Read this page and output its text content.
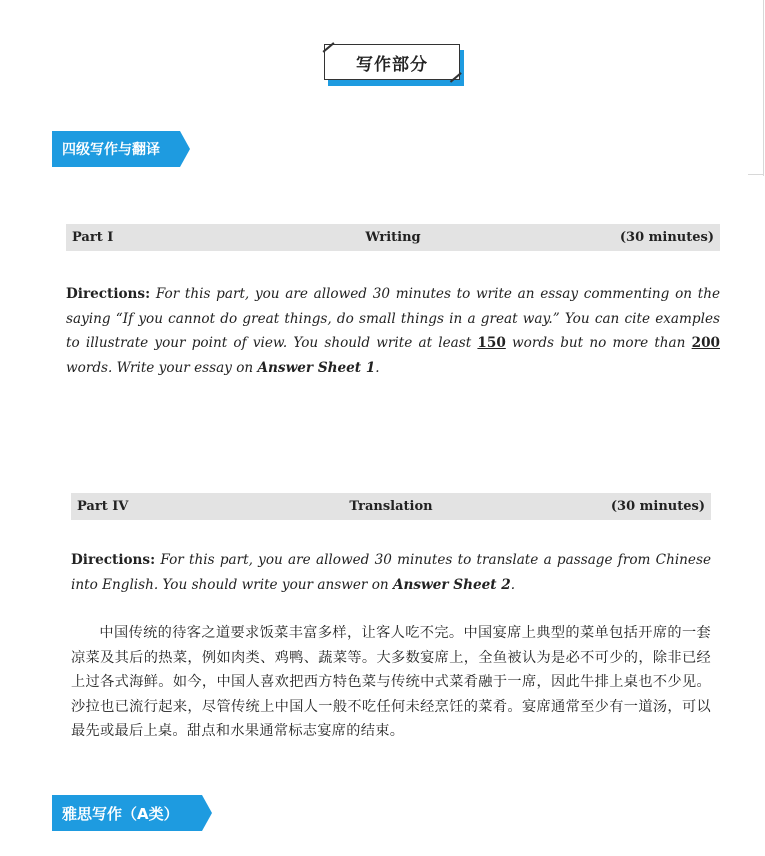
写作部分
四级写作与翻译
Part I	Writing	(30 minutes)

Directions: For this part, you are allowed 30 minutes to write an essay commenting on the saying “If you cannot do great things, do small things in a great way.” You can cite examples to illustrate your point of view. You should write at least 150 words but no more than 200 words. Write your essay on Answer Sheet 1.

Part IV	Translation	(30 minutes)

Directions: For this part, you are allowed 30 minutes to translate a passage from Chinese into English. You should write your answer on Answer Sheet 2.

中国传统的待客之道要求饭菜丰富多样，让客人吃不完。中国宴席上典型的菜单包括开席的一套凉菜及其后的热菜，例如肉类、鸡鸭、蔬菜等。大多数宴席上，全鱼被认为是必不可少的，除非已经上过各式海鲜。如今，中国人喜欢把西方特色菜与传统中式菜肴融于一席，因此牛排上桌也不少见。沙拉也已流行起来，尽管传统上中国人一般不吃任何未经烹饪的菜肴。宴席通常至少有一道汤，可以最先或最后上桌。甜点和水果通常标志宴席的结束。

雅思写作（A类）
